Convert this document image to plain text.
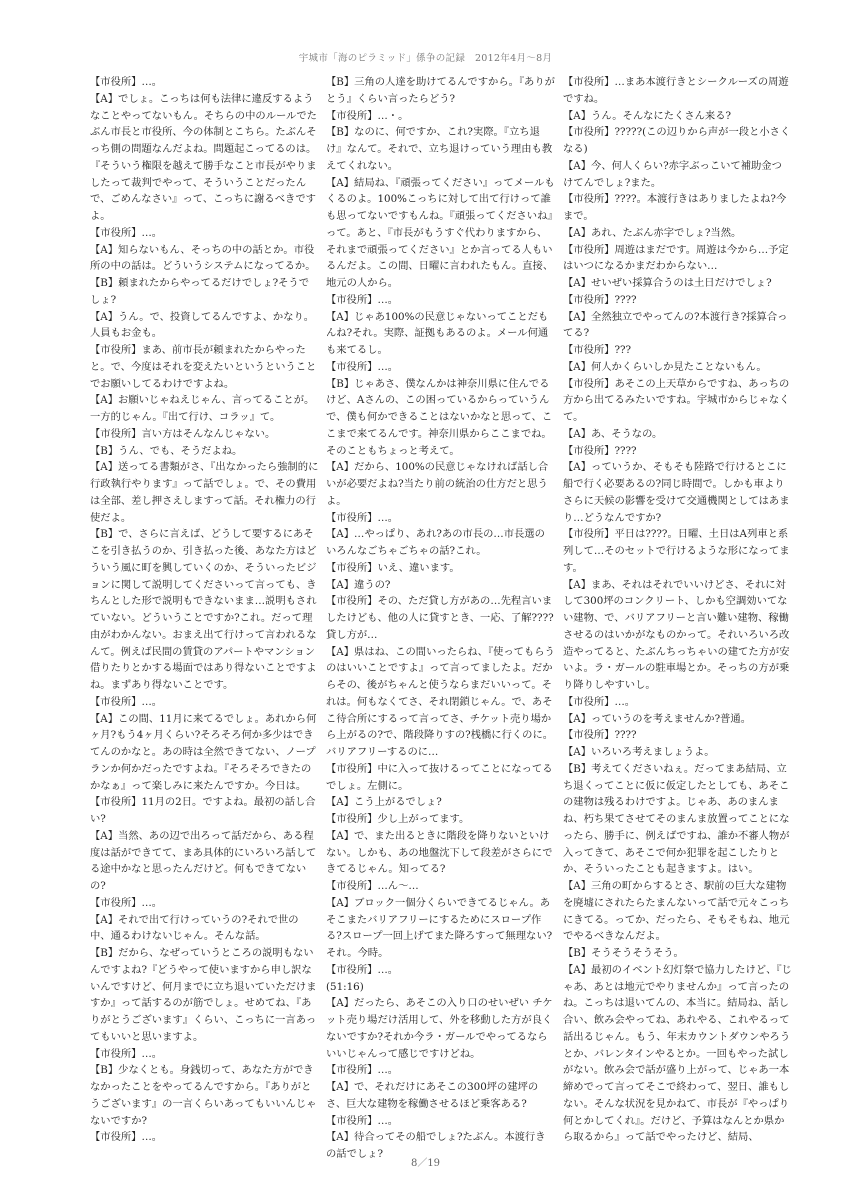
宇城市「海のピラミッド」係争の記録　2012年4月～8月

【市役所】…。

【A】でしょ。こっちは何も法律に違反するようなことやってないもん。そちらの中のルールでたぶん市長と市役所、今の体制とこちら。たぶんそっち側の問題なんだよね。問題起こってるのは。『そういう権限を越えて勝手なこと市長がやりましたって裁判でやって、そういうことだったんで、ごめんなさい』って、こっちに謝るべきですよ。

【市役所】…。

【A】知らないもん、そっちの中の話とか。市役所の中の話は。どういうシステムになってるか。

【B】頼まれたからやってるだけでしょ?そうでしょ?

【A】うん。で、投資してるんですよ、かなり。人員もお金も。

【市役所】まあ、前市長が頼まれたからやったと。で、今度はそれを変えたいというということでお願いしてるわけですよね。

【A】お願いじゃねえじゃん、言ってることが。一方的じゃん。『出て行け、コラッ』て。

【市役所】言い方はそんなんじゃない。

【B】うん、でも、そうだよね。

【A】送ってる書類がさ、『出なかったら強制的に行政執行やります』って話でしょ。で、その費用は全部、差し押さえしますって話。それ権力の行使だよ。

【B】で、さらに言えば、どうして要するにあそこを引き払うのか、引き払った後、あなた方はどういう風に町を興していくのか、そういったビジョンに関して説明してくださいって言っても、きちんとした形で説明もできないまま…説明もされていない。どういうことですか?これ。だって理由がわかんない。おまえ出て行けって言われるなんて。例えば民間の賃貸のアパートやマンション借りたりとかする場面ではあり得ないことですよね。まずあり得ないことです。

【市役所】…。

【A】この間、11月に来てるでしょ。あれから何ヶ月?もう4ヶ月くらい?そろそろ何か多少はできてんのかなと。あの時は全然できてない、ノープランか何かだったですよね。『そろそろできたのかなぁ』って楽しみに来たんですか。今日は。

【市役所】11月の2日。ですよね。最初の話し合い?

【A】当然、あの辺で出ろって話だから、ある程度は話ができてて、まあ具体的にいろいろ話してる途中かなと思ったんだけど。何もできてないの?

【市役所】…。

【A】それで出て行けっていうの?それで世の中、通るわけないじゃん。そんな話。

【B】だから、なぜっていうところの説明もないんですよね?『どうやって使いますから申し訳ないんですけど、何月までに立ち退いていただけますか』って話するのが筋でしょ。せめてね、『ありがとうございます』くらい、こっちに一言あってもいいと思いますよ。

【市役所】…。

【B】少なくとも。身銭切って、あなた方ができなかったことをやってるんですから。『ありがとうございます』の一言くらいあってもいいんじゃないですか?

【市役所】…。

【B】三角の人達を助けてるんですから。『ありがとう』くらい言ったらどう?

【市役所】…・。

【B】なのに、何ですか、これ?実際。『立ち退け』なんて。それで、立ち退けっていう理由も教えてくれない。

【A】結局ね、『頑張ってください』ってメールもくるのよ。100%こっちに対して出て行けって誰も思ってないですもんね。『頑張ってくださいね』って。あと、『市長がもうすぐ代わりますから、それまで頑張ってください』とか言ってる人もいるんだよ。この間、日曜に言われたもん。直接、地元の人から。

【市役所】…。

【A】じゃあ100%の民意じゃないってことだもんね?それ。実際、証拠もあるのよ。メール何通も来てるし。

【市役所】…。

【B】じゃあさ、僕なんかは神奈川県に住んでるけど、Aさんの、この困っているからっていうんで、僕も何かできることはないかなと思って、ここまで来てるんです。神奈川県からここまでね。そのこともちょっと考えて。

【A】だから、100%の民意じゃなければ話し合いが必要だよね?当たり前の統治の仕方だと思うよ。

【市役所】…。

【A】…やっぱり、あれ?あの市長の…市長選のいろんなごちゃごちゃの話?これ。

【市役所】いえ、違います。

【A】違うの?

【市役所】その、ただ貸し方があの…先程言いましたけども、他の人に貸すとき、一応、了解????貸し方が…

【A】県はね、この間いったらね、『使ってもらうのはいいことですよ』って言ってましたよ。だからその、後がちゃんと使うならまだいいって。それは。何もなくてさ、それ閉鎖じゃん。で、あそこ待合所にするって言ってさ、チケット売り場から上がるの?で、階段降りすの?桟橋に行くのに。バリアフリーするのに…

【市役所】中に入って抜けるってことになってるでしょ。左側に。

【A】こう上がるでしょ?

【市役所】少し上がってます。

【A】で、また出るときに階段を降りないといけない。しかも、あの地盤沈下して段差がさらにできてるじゃん。知ってる?

【市役所】…ん～…

【A】ブロック一個分くらいできてるじゃん。あそこまたバリアフリーにするためにスロープ作る?スロープ一回上げてまた降ろすって無理ない?それ。今時。

【市役所】…。

(51:16)

【A】だったら、あそこの入り口のせいぜい チケット売り場だけ活用して、外を移動した方が良くないですか?それか今ラ・ガールでやってるならいいじゃんって感じですけどね。

【市役所】…。

【A】で、それだけにあそこの300坪の建坪のさ、巨大な建物を稼働させるほど乗客ある?

【市役所】…。

【A】待合ってその船でしょ?たぶん。本渡行きの話でしょ?

【市役所】…まあ本渡行きとシークルーズの周遊ですね。

【A】うん。そんなにたくさん来る?

【市役所】?????(この辺りから声が一段と小さくなる)

【A】今、何人くらい?赤字ぶっこいて補助金つけてんでしょ?また。

【市役所】????。本渡行きはありましたよね?今まで。

【A】あれ、たぶん赤字でしょ?当然。

【市役所】周遊はまだです。周遊は今から…予定はいつになるかまだわからない…

【A】せいぜい採算合うのは土日だけでしょ?

【市役所】????

【A】全然独立でやってんの?本渡行き?採算合ってる?

【市役所】???

【A】何人かくらいしか見たことないもん。

【市役所】あそこの上天草からですね、あっちの方から出てるみたいですね。宇城市からじゃなくて。

【A】あ、そうなの。

【市役所】????

【A】っていうか、そもそも陸路で行けるとこに船で行く必要あるの?同じ時間で。しかも車よりさらに天候の影響を受けて交通機関としてはあまり…どうなんですか?

【市役所】平日は????。日曜、土日はA列車と系列して…そのセットで行けるような形になってます。

【A】まあ、それはそれでいいけどさ、それに対して300坪のコンクリート、しかも空調効いてない建物、で、バリアフリーと言い難い建物、稼働させるのはいかがなものかって。それいろいろ改造やってると、たぶんちっちゃいの建てた方が安いよ。ラ・ガールの駐車場とか。そっちの方が乗り降りしやすいし。

【市役所】…。

【A】っていうのを考えませんか?普通。

【市役所】????

【A】いろいろ考えましょうよ。

【B】考えてくださいねぇ。だってまあ結局、立ち退くってことに仮に仮定したとしても、あそこの建物は残るわけですよ。じゃあ、あのまんまね、朽ち果てさせてそのまんま放置ってことになったら、勝手に、例えばですね、誰か不審人物が入ってきて、あそこで何か犯罪を起こしたりとか、そういったことも起きますよ。はい。

【A】三角の町からするとさ、駅前の巨大な建物を廃墟にされたらたまんないって話で元々こっちにきてる。ってか、だったら、そもそもね、地元でやるべきなんだよ。

【B】そうそうそうそう。

【A】最初のイベント幻灯祭で協力したけど、『じゃあ、あとは地元でやりませんか』って言ったのね。こっちは退いてんの、本当に。結局ね、話し合い、飲み会やってね、あれやる、これやるって話出るじゃん。もう、年末カウントダウンやろうとか、バレンタインやるとか。一回もやった試しがない。飲み会で話が盛り上がって、じゃあ一本締めでって言ってそこで終わって、翌日、誰もしない。そんな状況を見かねて、市長が『やっぱり何とかしてくれ』。だけど、予算はなんとか県から取るから』って話でやったけど、結局、

8／19
